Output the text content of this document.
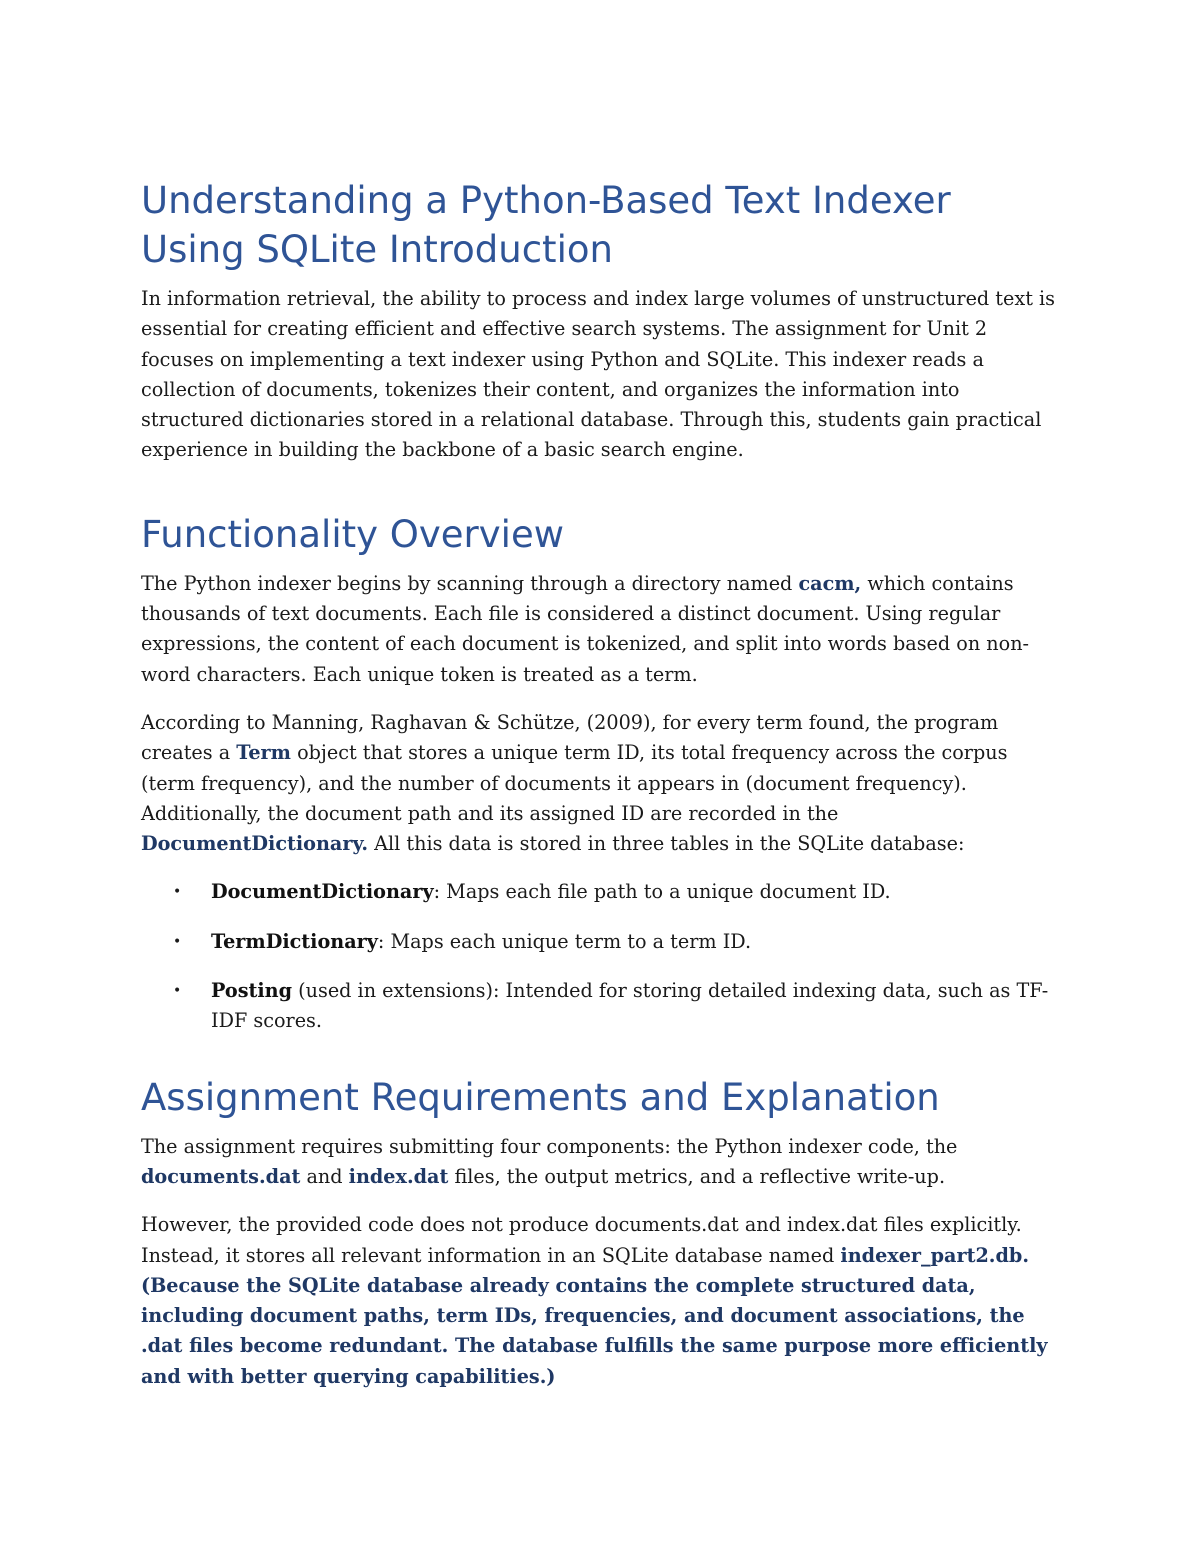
Understanding a Python-Based Text Indexer Using SQLite Introduction

In information retrieval, the ability to process and index large volumes of unstructured text is essential for creating efficient and effective search systems. The assignment for Unit 2 focuses on implementing a text indexer using Python and SQLite. This indexer reads a collection of documents, tokenizes their content, and organizes the information into structured dictionaries stored in a relational database. Through this, students gain practical experience in building the backbone of a basic search engine.

Functionality Overview

The Python indexer begins by scanning through a directory named cacm, which contains thousands of text documents. Each file is considered a distinct document. Using regular expressions, the content of each document is tokenized, and split into words based on non-word characters. Each unique token is treated as a term.

According to Manning, Raghavan & Schütze, (2009), for every term found, the program creates a Term object that stores a unique term ID, its total frequency across the corpus (term frequency), and the number of documents it appears in (document frequency). Additionally, the document path and its assigned ID are recorded in the DocumentDictionary. All this data is stored in three tables in the SQLite database:

• DocumentDictionary: Maps each file path to a unique document ID.
• TermDictionary: Maps each unique term to a term ID.
• Posting (used in extensions): Intended for storing detailed indexing data, such as TF-IDF scores.
Assignment Requirements and Explanation

The assignment requires submitting four components: the Python indexer code, the documents.dat and index.dat files, the output metrics, and a reflective write-up.

However, the provided code does not produce documents.dat and index.dat files explicitly. Instead, it stores all relevant information in an SQLite database named indexer_part2.db. (Because the SQLite database already contains the complete structured data, including document paths, term IDs, frequencies, and document associations, the .dat files become redundant. The database fulfills the same purpose more efficiently and with better querying capabilities.)
